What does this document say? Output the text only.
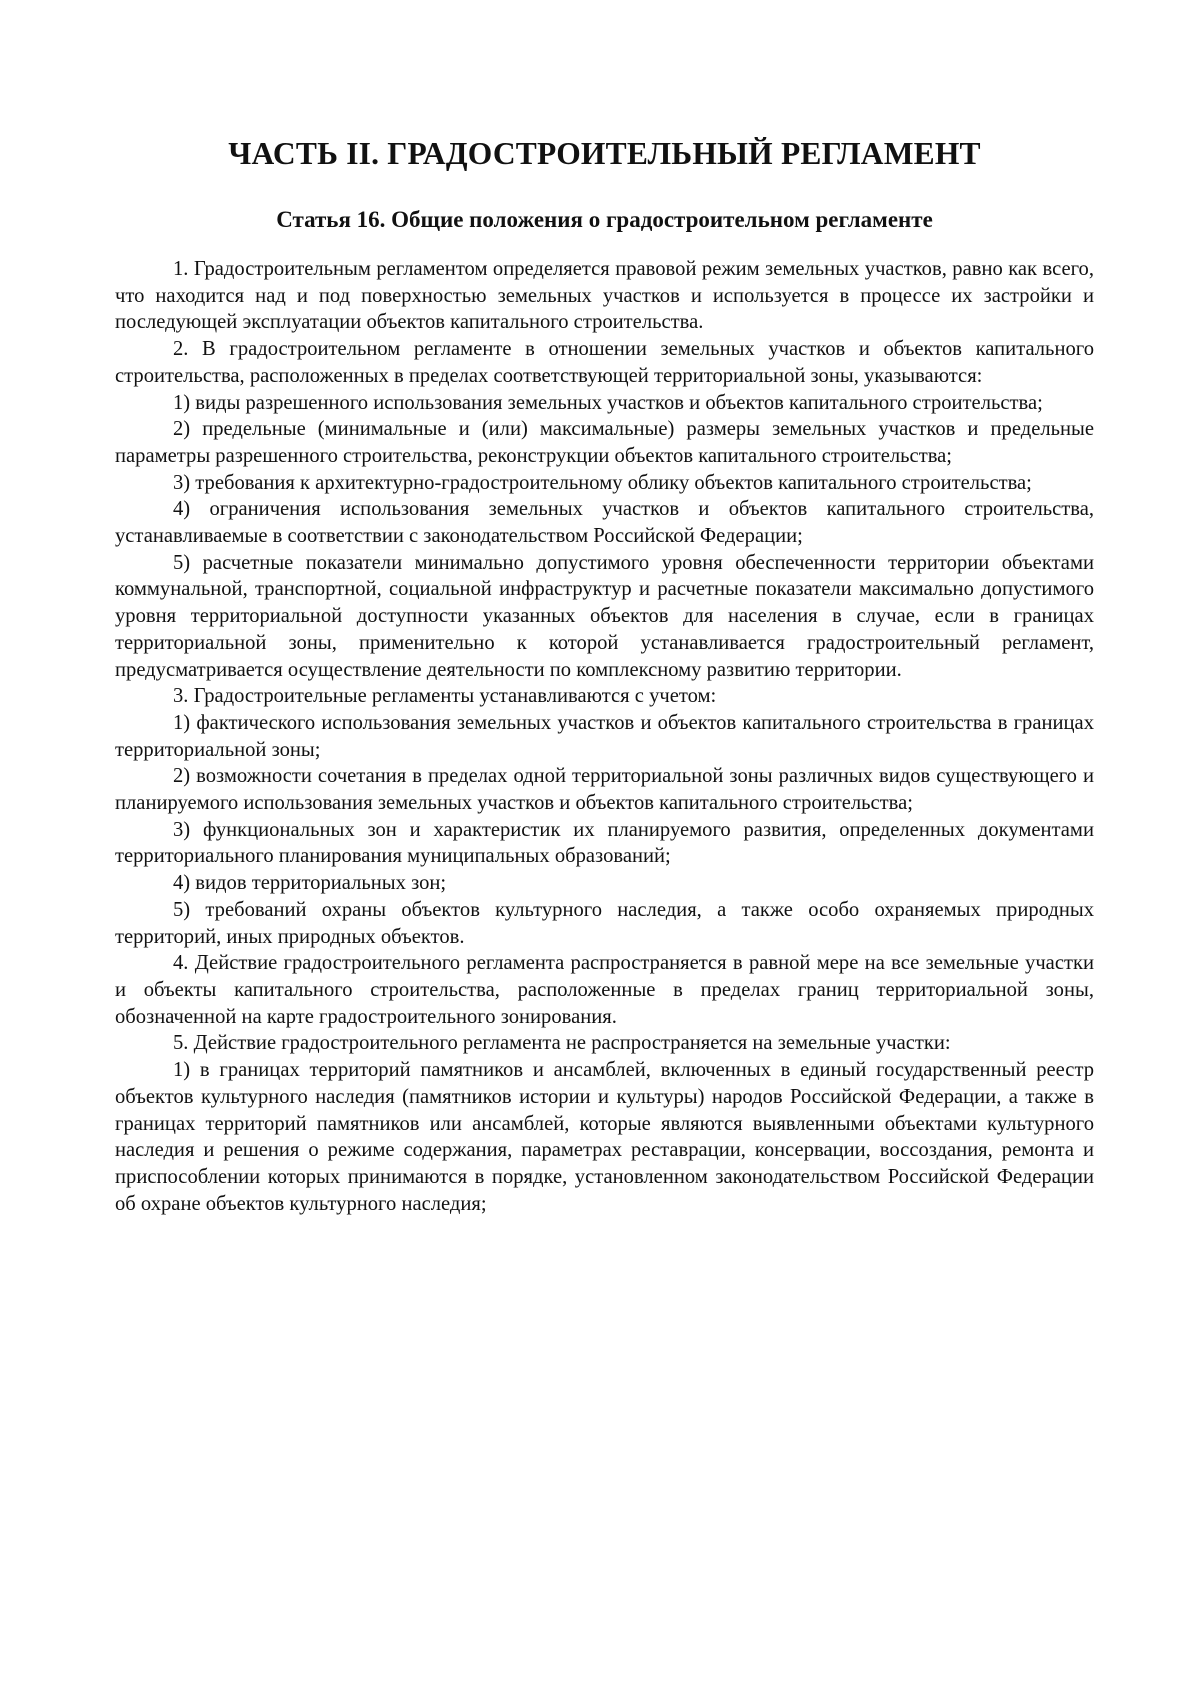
ЧАСТЬ II. ГРАДОСТРОИТЕЛЬНЫЙ РЕГЛАМЕНТ
Статья 16. Общие положения о градостроительном регламенте

1. Градостроительным регламентом определяется правовой режим земельных участков, равно как всего, что находится над и под поверхностью земельных участков и используется в процессе их застройки и последующей эксплуатации объектов капитального строительства.

2. В градостроительном регламенте в отношении земельных участков и объектов капитального строительства, расположенных в пределах соответствующей территориальной зоны, указываются:

1) виды разрешенного использования земельных участков и объектов капитального строительства;

2) предельные (минимальные и (или) максимальные) размеры земельных участков и предельные параметры разрешенного строительства, реконструкции объектов капитального строительства;

3) требования к архитектурно-градостроительному облику объектов капитального строительства;

4) ограничения использования земельных участков и объектов капитального строительства, устанавливаемые в соответствии с законодательством Российской Федерации;

5) расчетные показатели минимально допустимого уровня обеспеченности территории объектами коммунальной, транспортной, социальной инфраструктур и расчетные показатели максимально допустимого уровня территориальной доступности указанных объектов для населения в случае, если в границах территориальной зоны, применительно к которой устанавливается градостроительный регламент, предусматривается осуществление деятельности по комплексному развитию территории.

3. Градостроительные регламенты устанавливаются с учетом:

1) фактического использования земельных участков и объектов капитального строительства в границах территориальной зоны;

2) возможности сочетания в пределах одной территориальной зоны различных видов существующего и планируемого использования земельных участков и объектов капитального строительства;

3) функциональных зон и характеристик их планируемого развития, определенных документами территориального планирования муниципальных образований;

4) видов территориальных зон;

5) требований охраны объектов культурного наследия, а также особо охраняемых природных территорий, иных природных объектов.

4. Действие градостроительного регламента распространяется в равной мере на все земельные участки и объекты капитального строительства, расположенные в пределах границ территориальной зоны, обозначенной на карте градостроительного зонирования.

5. Действие градостроительного регламента не распространяется на земельные участки:

1) в границах территорий памятников и ансамблей, включенных в единый государственный реестр объектов культурного наследия (памятников истории и культуры) народов Российской Федерации, а также в границах территорий памятников или ансамблей, которые являются выявленными объектами культурного наследия и решения о режиме содержания, параметрах реставрации, консервации, воссоздания, ремонта и приспособлении которых принимаются в порядке, установленном законодательством Российской Федерации об охране объектов культурного наследия;
